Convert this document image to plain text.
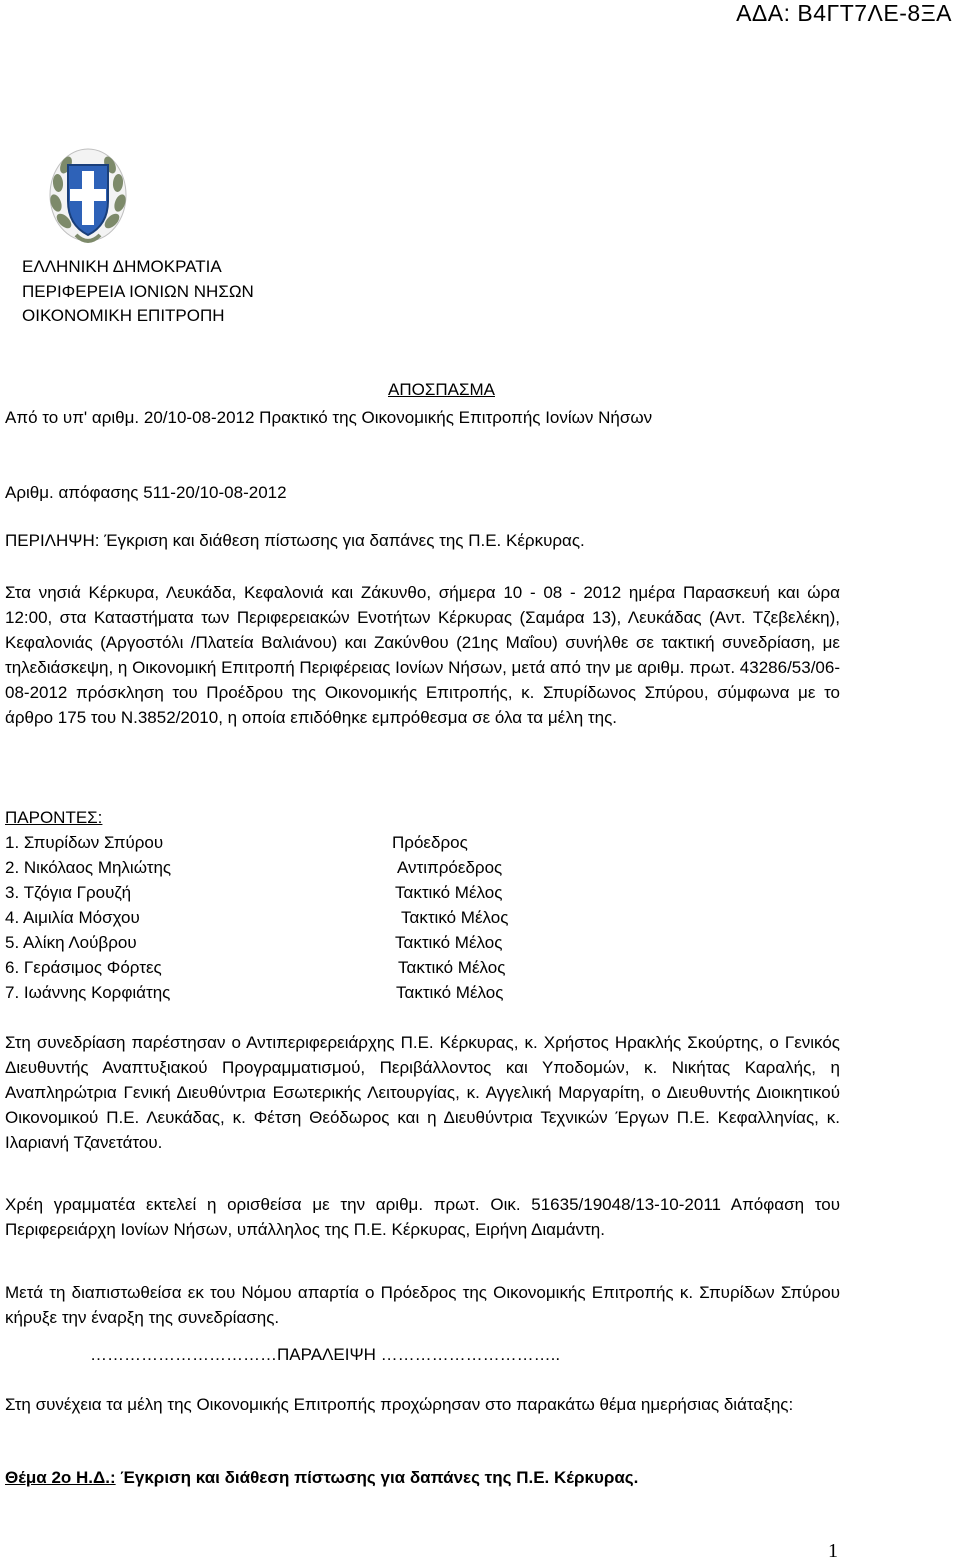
ΑΔΑ: Β4ΓΤ7ΛΕ-8ΞΑ
ΕΛΛΗΝΙΚΗ ΔΗΜΟΚΡΑΤΙΑ
ΠΕΡΙΦΕΡΕΙΑ ΙΟΝΙΩΝ ΝΗΣΩΝ
ΟΙΚΟΝΟΜΙΚΗ ΕΠΙΤΡΟΠΗ
ΑΠΟΣΠΑΣΜΑ
Από το υπ' αριθμ. 20/10-08-2012 Πρακτικό της Οικονομικής Επιτροπής Ιονίων Νήσων
Αριθμ. απόφασης 511-20/10-08-2012
ΠΕΡΙΛΗΨΗ: Έγκριση και διάθεση πίστωσης για δαπάνες της Π.Ε. Κέρκυρας.
Στα νησιά Κέρκυρα, Λευκάδα, Κεφαλονιά και Ζάκυνθο, σήμερα 10 - 08 - 2012 ημέρα Παρασκευή και ώρα 12:00, στα Καταστήματα των Περιφερειακών Ενοτήτων Κέρκυρας (Σαμάρα 13), Λευκάδας (Αντ. Τζεβελέκη), Κεφαλονιάς (Αργοστόλι /Πλατεία Βαλιάνου) και Ζακύνθου (21ης Μαΐου) συνήλθε σε τακτική συνεδρίαση, με τηλεδιάσκεψη, η Οικονομική Επιτροπή Περιφέρειας Ιονίων Νήσων, μετά από την με αριθμ. πρωτ. 43286/53/06-08-2012 πρόσκληση του Προέδρου της Οικονομικής Επιτροπής, κ. Σπυρίδωνος Σπύρου, σύμφωνα με το άρθρο 175 του Ν.3852/2010, η οποία επιδόθηκε εμπρόθεσμα σε όλα τα μέλη της.
ΠΑΡΟΝΤΕΣ:
1. Σπυρίδων Σπύρου	Πρόεδρος
2. Νικόλαος Μηλιώτης	Αντιπρόεδρος
3. Τζόγια Γρουζή	Τακτικό Μέλος
4. Αιμιλία Μόσχου	Τακτικό Μέλος
5. Αλίκη Λούβρου	Τακτικό Μέλος
6. Γεράσιμος Φόρτες	Τακτικό Μέλος
7. Ιωάννης Κορφιάτης	Τακτικό Μέλος
Στη συνεδρίαση παρέστησαν ο Αντιπεριφερειάρχης Π.Ε. Κέρκυρας, κ. Χρήστος Ηρακλής Σκούρτης, ο Γενικός Διευθυντής Αναπτυξιακού Προγραμματισμού, Περιβάλλοντος και Υποδομών, κ. Νικήτας Καραλής, η Αναπληρώτρια Γενική Διευθύντρια Εσωτερικής Λειτουργίας, κ. Αγγελική Μαργαρίτη, ο Διευθυντής Διοικητικού Οικονομικού Π.Ε. Λευκάδας, κ. Φέτση Θεόδωρος και η Διευθύντρια Τεχνικών Έργων Π.Ε. Κεφαλληνίας, κ. Ιλαριανή Τζανετάτου.
Χρέη γραμματέα εκτελεί η ορισθείσα με την αριθμ. πρωτ. Οικ. 51635/19048/13-10-2011 Απόφαση του Περιφερειάρχη Ιονίων Νήσων, υπάλληλος της Π.Ε. Κέρκυρας, Ειρήνη Διαμάντη.
Μετά τη διαπιστωθείσα εκ του Νόμου απαρτία ο Πρόεδρος της Οικονομικής Επιτροπής κ. Σπυρίδων Σπύρου κήρυξε την έναρξη της συνεδρίασης.
……………………………ΠΑΡΑΛΕΙΨΗ …………………………..
Στη συνέχεια τα μέλη της Οικονομικής Επιτροπής προχώρησαν στο παρακάτω θέμα ημερήσιας διάταξης:
Θέμα 2ο Η.Δ.: Έγκριση και διάθεση πίστωσης για δαπάνες της Π.Ε. Κέρκυρας.
1
